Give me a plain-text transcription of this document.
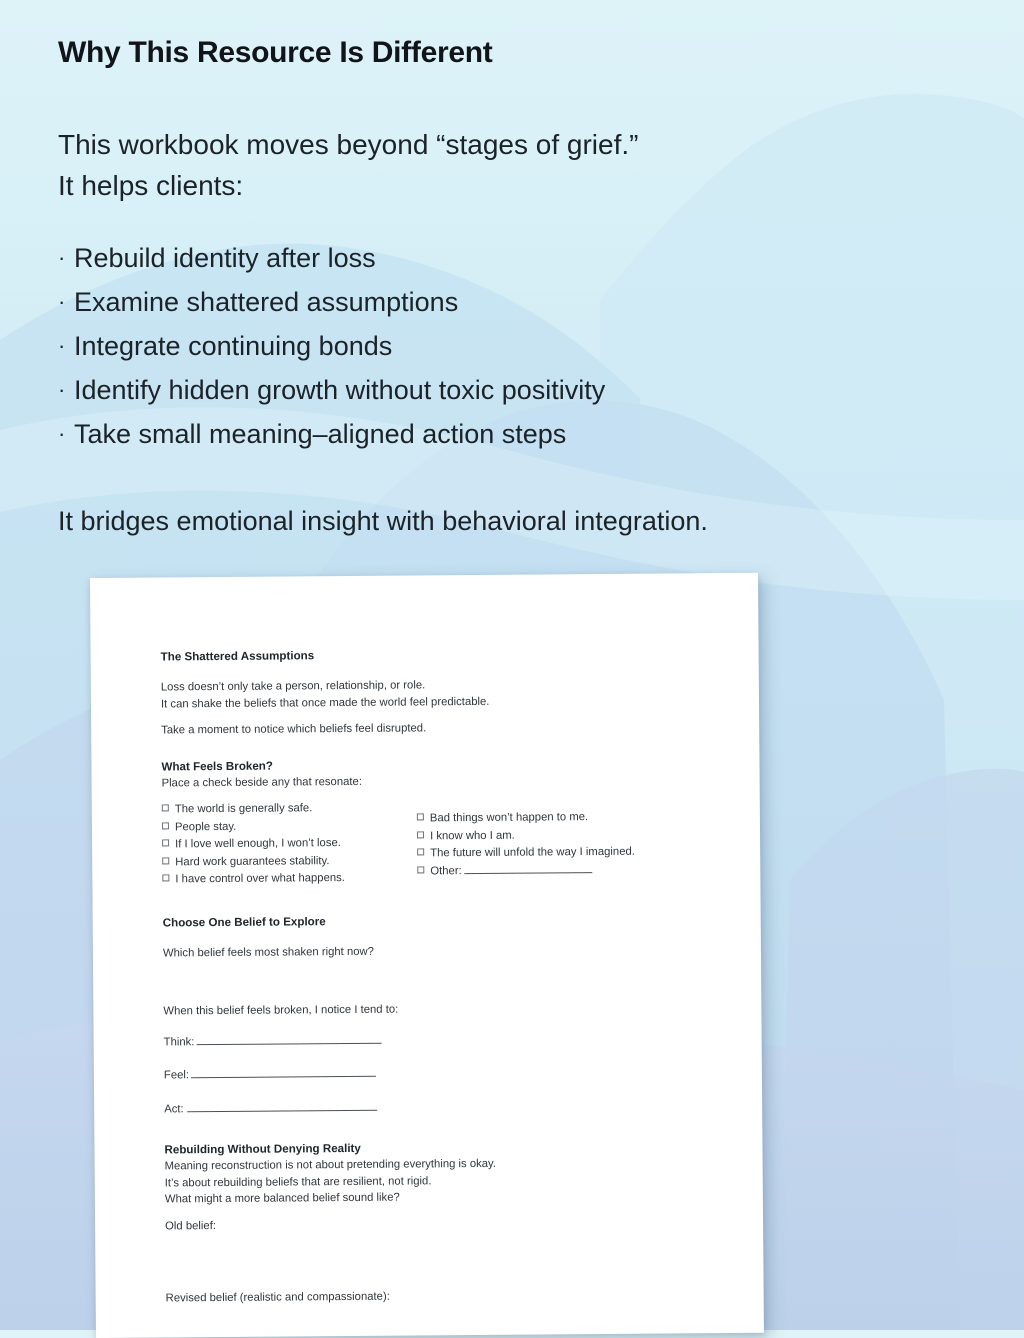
Why This Resource Is Different
This workbook moves beyond “stages of grief.”
It helps clients:
· Rebuild identity after loss
· Examine shattered assumptions
· Integrate continuing bonds
· Identify hidden growth without toxic positivity
· Take small meaning–aligned action steps
It bridges emotional insight with behavioral integration.
The Shattered Assumptions
Loss doesn’t only take a person, relationship, or role.
It can shake the beliefs that once made the world feel predictable.
Take a moment to notice which beliefs feel disrupted.
What Feels Broken?
Place a check beside any that resonate:
The world is generally safe.
People stay.
If I love well enough, I won’t lose.
Hard work guarantees stability.
I have control over what happens.
Bad things won’t happen to me.
I know who I am.
The future will unfold the way I imagined.
Other:
Choose One Belief to Explore
Which belief feels most shaken right now?
When this belief feels broken, I notice I tend to:
Think:
Feel:
Act:
Rebuilding Without Denying Reality
Meaning reconstruction is not about pretending everything is okay.
It’s about rebuilding beliefs that are resilient, not rigid.
What might a more balanced belief sound like?
Old belief:
Revised belief (realistic and compassionate):
